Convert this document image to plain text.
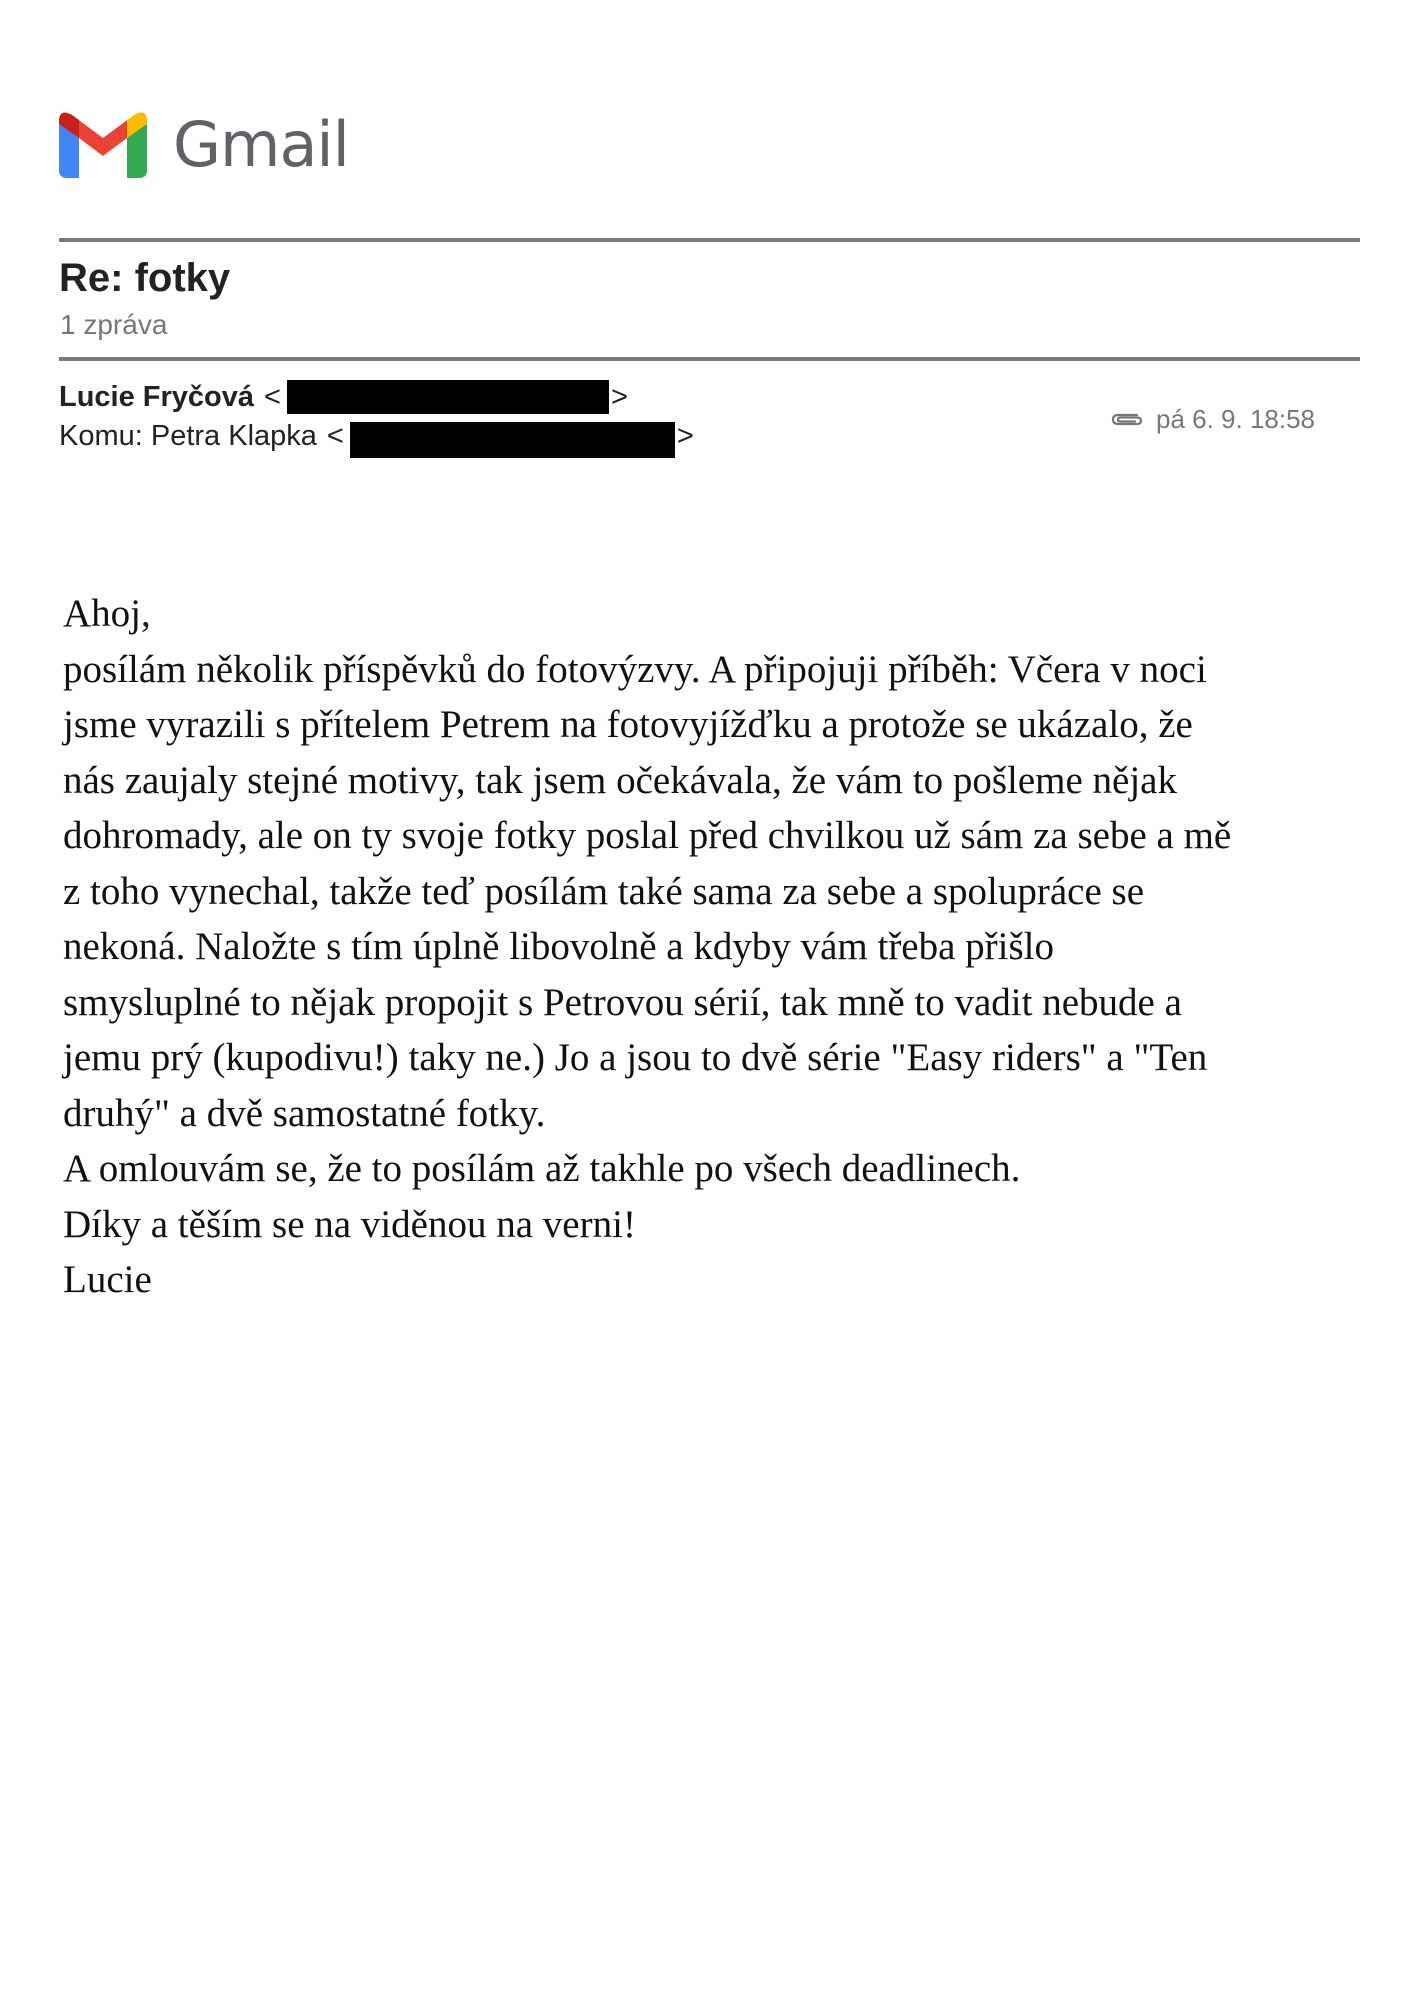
Gmail
Re: fotky
1 zpráva
Lucie Fryčová <	>
Komu: Petra Klapka <	>
pá 6. 9. 18:58

Ahoj,

posílám několik příspěvků do fotovýzvy. A připojuji příběh: Včera v noci

jsme vyrazili s přítelem Petrem na fotovyjížďku a protože se ukázalo, že

nás zaujaly stejné motivy, tak jsem očekávala, že vám to pošleme nějak

dohromady, ale on ty svoje fotky poslal před chvilkou už sám za sebe a mě

z toho vynechal, takže teď posílám také sama za sebe a spolupráce se

nekoná. Naložte s tím úplně libovolně a kdyby vám třeba přišlo

smysluplné to nějak propojit s Petrovou sérií, tak mně to vadit nebude a

jemu prý (kupodivu!) taky ne.) Jo a jsou to dvě série "Easy riders" a "Ten

druhý" a dvě samostatné fotky.

A omlouvám se, že to posílám až takhle po všech deadlinech.

Díky a těším se na viděnou na verni!

Lucie
